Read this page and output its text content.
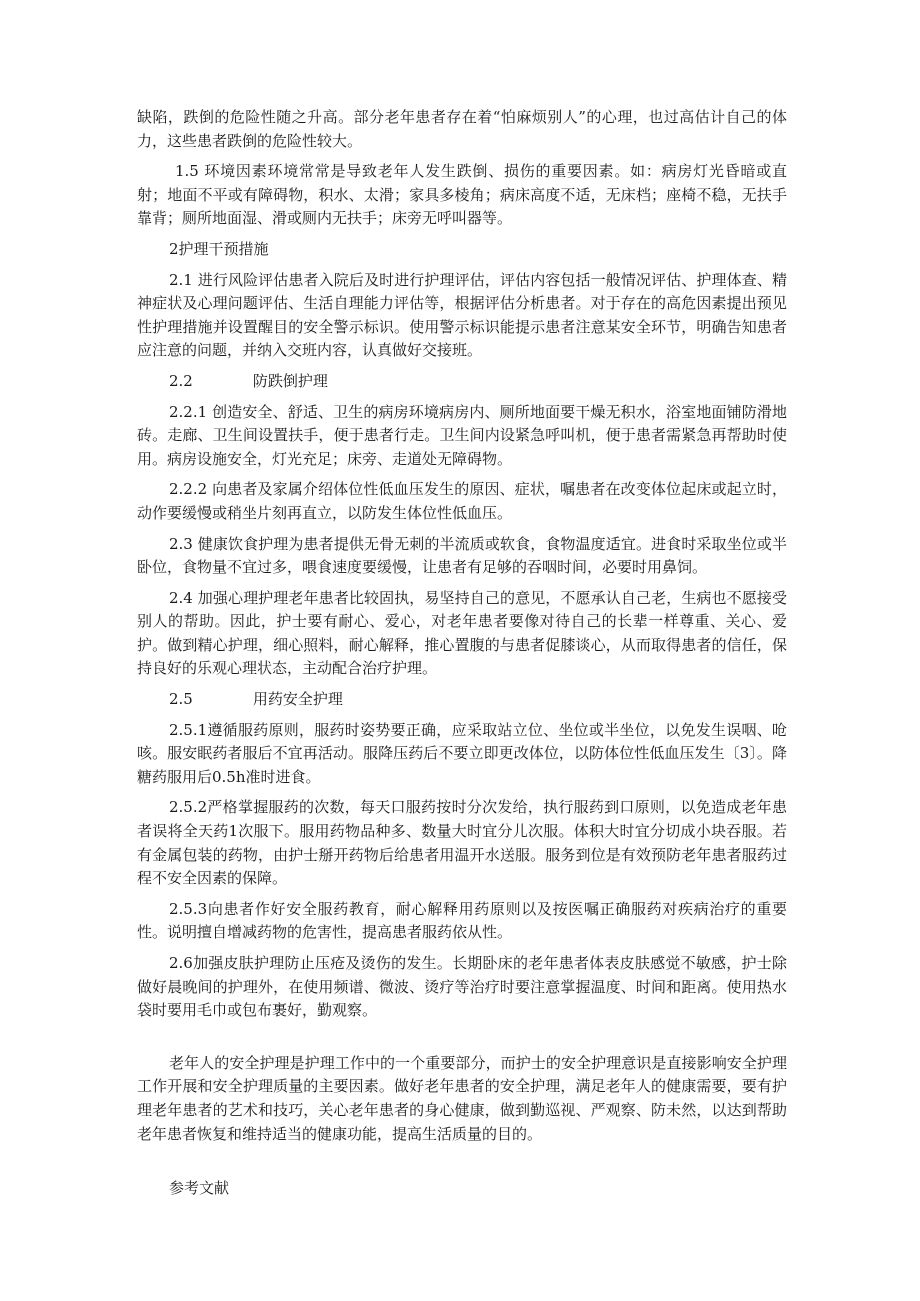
缺陷，跌倒的危险性随之升高。部分老年患者存在着“怕麻烦别人”的心理，也过高估计自己的体力，这些患者跌倒的危险性较大。

1.5 环境因素环境常常是导致老年人发生跌倒、损伤的重要因素。如：病房灯光昏暗或直射；地面不平或有障碍物，积水、太滑；家具多棱角；病床高度不适，无床档；座椅不稳，无扶手靠背；厕所地面湿、滑或厕内无扶手；床旁无呼叫器等。

2护理干预措施

2.1 进行风险评估患者入院后及时进行护理评估，评估内容包括一般情况评估、护理体查、精神症状及心理问题评估、生活自理能力评估等，根据评估分析患者。对于存在的高危因素提出预见性护理措施并设置醒目的安全警示标识。使用警示标识能提示患者注意某安全环节，明确告知患者应注意的问题，并纳入交班内容，认真做好交接班。

2.2	防跌倒护理

2.2.1 创造安全、舒适、卫生的病房环境病房内、厕所地面要干燥无积水，浴室地面铺防滑地砖。走廊、卫生间设置扶手，便于患者行走。卫生间内设紧急呼叫机，便于患者需紧急再帮助时使用。病房设施安全，灯光充足；床旁、走道处无障碍物。

2.2.2 向患者及家属介绍体位性低血压发生的原因、症状，嘱患者在改变体位起床或起立时，动作要缓慢或稍坐片刻再直立，以防发生体位性低血压。

2.3 健康饮食护理为患者提供无骨无刺的半流质或软食，食物温度适宜。进食时采取坐位或半卧位，食物量不宜过多，喂食速度要缓慢，让患者有足够的吞咽时间，必要时用鼻饲。

2.4 加强心理护理老年患者比较固执，易坚持自己的意见，不愿承认自己老，生病也不愿接受别人的帮助。因此，护士要有耐心、爱心，对老年患者要像对待自己的长辈一样尊重、关心、爱护。做到精心护理，细心照料，耐心解释，推心置腹的与患者促膝谈心，从而取得患者的信任，保持良好的乐观心理状态，主动配合治疗护理。

2.5	用药安全护理

2.5.1遵循服药原则，服药时姿势要正确，应采取站立位、坐位或半坐位，以免发生误咽、呛咳。服安眠药者服后不宜再活动。服降压药后不要立即更改体位，以防体位性低血压发生〔3〕。降糖药服用后0.5h准时进食。

2.5.2严格掌握服药的次数，每天口服药按时分次发给，执行服药到口原则，以免造成老年患者误将全天药1次服下。服用药物品种多、数量大时宜分儿次服。体积大时宜分切成小块吞服。若有金属包装的药物，由护士掰开药物后给患者用温开水送服。服务到位是有效预防老年患者服药过程不安全因素的保障。

2.5.3向患者作好安全服药教育，耐心解释用药原则以及按医嘱正确服药对疾病治疗的重要性。说明擅自增减药物的危害性，提高患者服药依从性。

2.6加强皮肤护理防止压疮及烫伤的发生。长期卧床的老年患者体表皮肤感觉不敏感，护士除做好晨晚间的护理外，在使用频谱、微波、烫疗等治疗时要注意掌握温度、时间和距离。使用热水袋时要用毛巾或包布裹好，勤观察。

老年人的安全护理是护理工作中的一个重要部分，而护士的安全护理意识是直接影响安全护理工作开展和安全护理质量的主要因素。做好老年患者的安全护理，满足老年人的健康需要，要有护理老年患者的艺术和技巧，关心老年患者的身心健康，做到勤巡视、严观察、防未然，以达到帮助老年患者恢复和维持适当的健康功能，提高生活质量的目的。

参考文献
